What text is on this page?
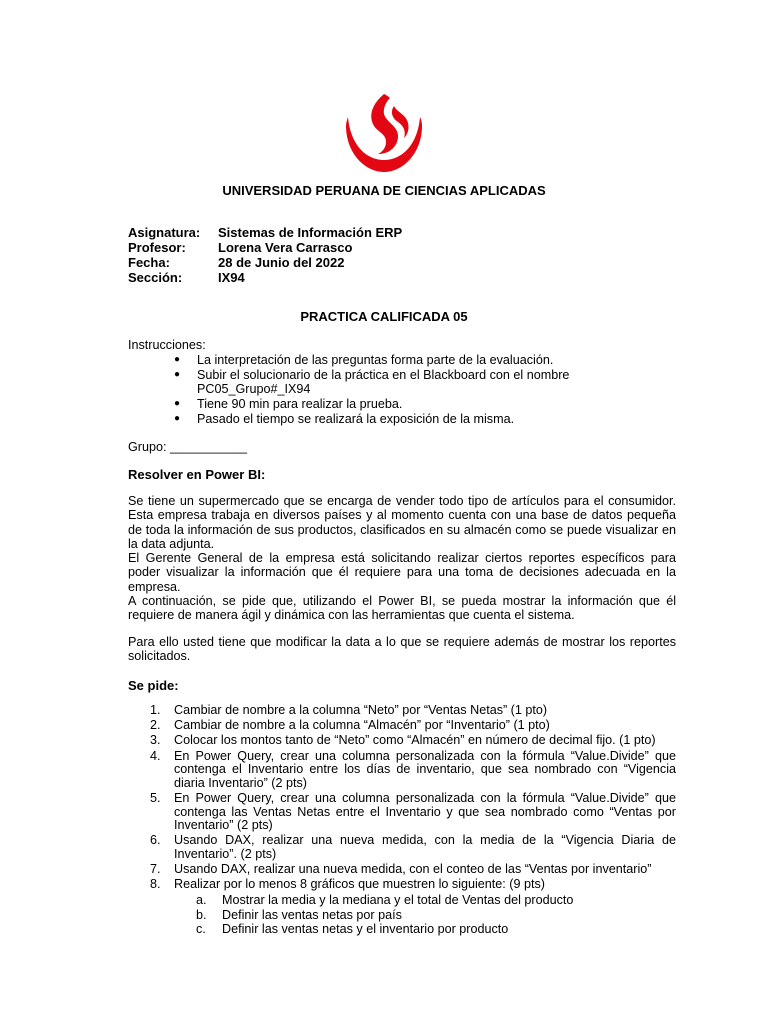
UNIVERSIDAD PERUANA DE CIENCIAS APLICADAS
Asignatura:	Sistemas de Información ERP
Profesor:	Lorena Vera Carrasco
Fecha:	28 de Junio del 2022
Sección:	IX94
PRACTICA CALIFICADA 05
Instrucciones:
● La interpretación de las preguntas forma parte de la evaluación.
● Subir el solucionario de la práctica en el Blackboard con el nombre PC05_Grupo#_IX94
● Tiene 90 min para realizar la prueba.
● Pasado el tiempo se realizará la exposición de la misma.
Grupo: ___________
Resolver en Power BI:
Se tiene un supermercado que se encarga de vender todo tipo de artículos para el consumidor. Esta empresa trabaja en diversos países y al momento cuenta con una base de datos pequeña de toda la información de sus productos, clasificados en su almacén como se puede visualizar en la data adjunta.
El Gerente General de la empresa está solicitando realizar ciertos reportes específicos para poder visualizar la información que él requiere para una toma de decisiones adecuada en la empresa.
A continuación, se pide que, utilizando el Power BI, se pueda mostrar la información que él requiere de manera ágil y dinámica con las herramientas que cuenta el sistema.
Para ello usted tiene que modificar la data a lo que se requiere además de mostrar los reportes solicitados.
Se pide:
1. Cambiar de nombre a la columna “Neto” por “Ventas Netas” (1 pto)
2. Cambiar de nombre a la columna “Almacén” por “Inventario” (1 pto)
3. Colocar los montos tanto de “Neto” como “Almacén” en número de decimal fijo. (1 pto)
4. En Power Query, crear una columna personalizada con la fórmula “Value.Divide” que contenga el Inventario entre los días de inventario, que sea nombrado con “Vigencia diaria Inventario” (2 pts)
5. En Power Query, crear una columna personalizada con la fórmula “Value.Divide” que contenga las Ventas Netas entre el Inventario y que sea nombrado como “Ventas por Inventario” (2 pts)
6. Usando DAX, realizar una nueva medida, con la media de la “Vigencia Diaria de Inventario”. (2 pts)
7. Usando DAX, realizar una nueva medida, con el conteo de las “Ventas por inventario”
8. Realizar por lo menos 8 gráficos que muestren lo siguiente: (9 pts)
a. Mostrar la media y la mediana y el total de Ventas del producto
b. Definir las ventas netas por país
c. Definir las ventas netas y el inventario por producto
